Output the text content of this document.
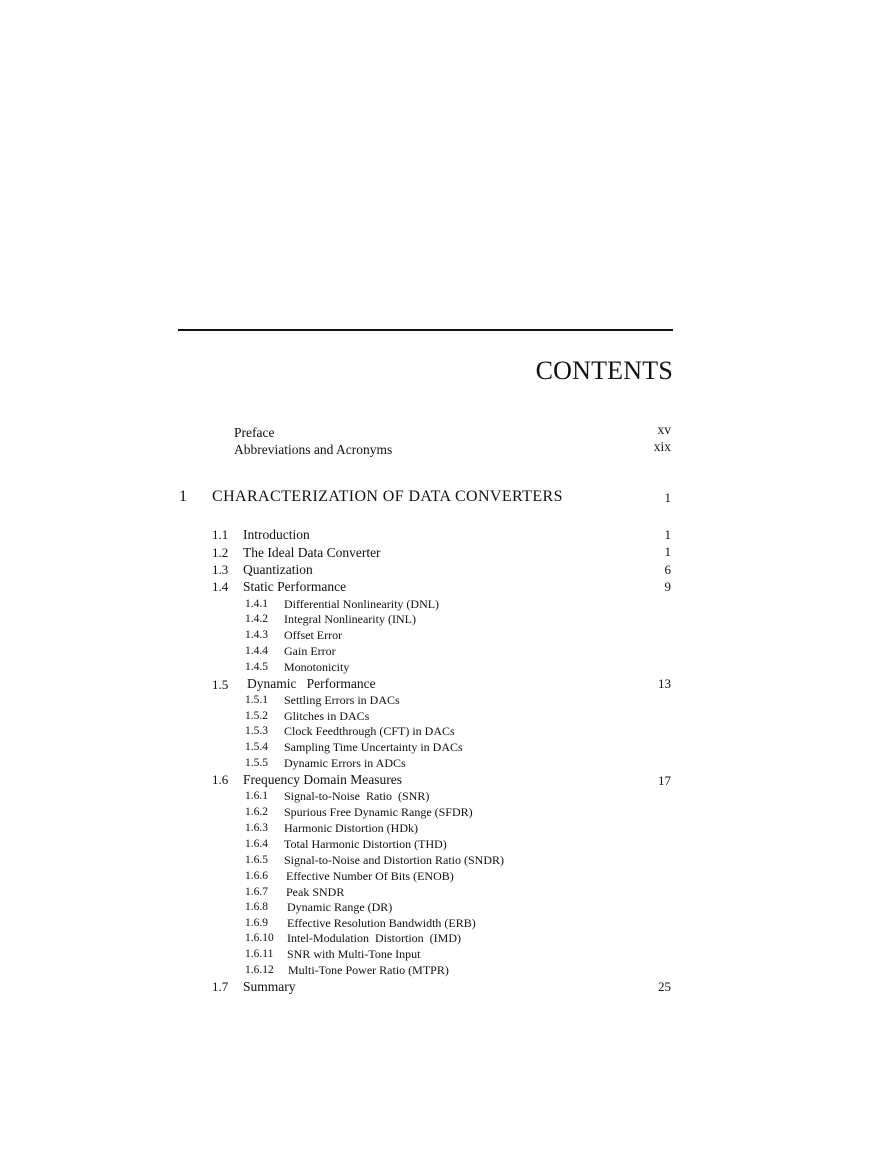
CONTENTS
Preface	xv
Abbreviations and Acronyms	xix
1 CHARACTERIZATION OF DATA CONVERTERS	1
1.1 Introduction	1
1.2 The Ideal Data Converter	1
1.3 Quantization	6
1.4 Static Performance	9
1.4.1 Differential Nonlinearity (DNL)
1.4.2 Integral Nonlinearity (INL)
1.4.3 Offset Error
1.4.4 Gain Error
1.4.5 Monotonicity
1.5 Dynamic   Performance	13
1.5.1 Settling Errors in DACs
1.5.2 Glitches in DACs
1.5.3 Clock Feedthrough (CFT) in DACs
1.5.4 Sampling Time Uncertainty in DACs
1.5.5 Dynamic Errors in ADCs
1.6 Frequency Domain Measures	17
1.6.1 Signal-to-Noise  Ratio  (SNR)
1.6.2 Spurious Free Dynamic Range (SFDR)
1.6.3 Harmonic Distortion (HDk)
1.6.4 Total Harmonic Distortion (THD)
1.6.5 Signal-to-Noise and Distortion Ratio (SNDR)
1.6.6 Effective Number Of Bits (ENOB)
1.6.7 Peak SNDR
1.6.8 Dynamic Range (DR)
1.6.9 Effective Resolution Bandwidth (ERB)
1.6.10 Intel-Modulation  Distortion  (IMD)
1.6.11 SNR with Multi-Tone Input
1.6.12 Multi-Tone Power Ratio (MTPR)
1.7 Summary	25
